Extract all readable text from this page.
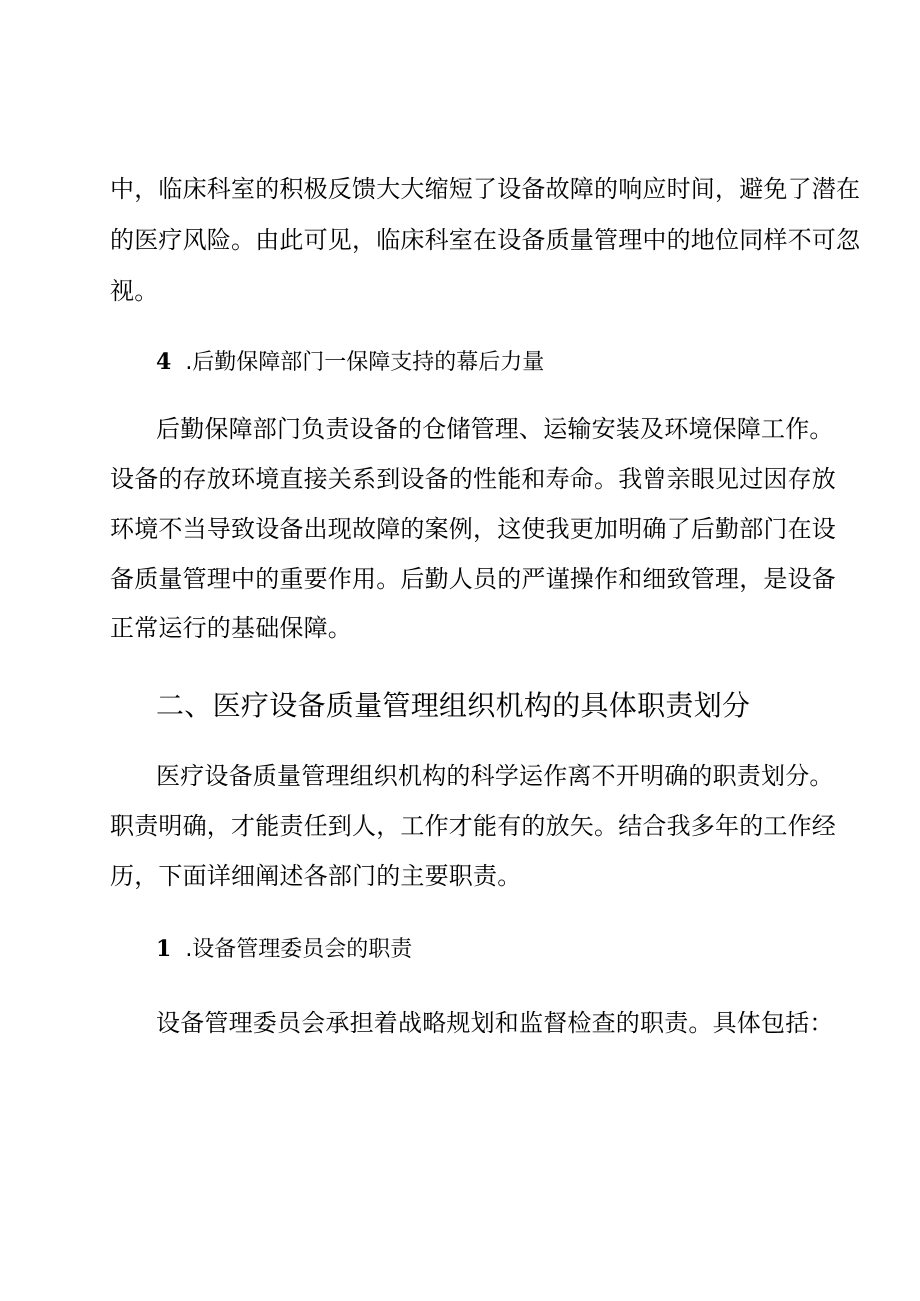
中，临床科室的积极反馈大大缩短了设备故障的响应时间，避免了潜在
的医疗风险。由此可见，临床科室在设备质量管理中的地位同样不可忽
视。
4 .后勤保障部门一保障支持的幕后力量
后勤保障部门负责设备的仓储管理、运输安装及环境保障工作。
设备的存放环境直接关系到设备的性能和寿命。我曾亲眼见过因存放
环境不当导致设备出现故障的案例，这使我更加明确了后勤部门在设
备质量管理中的重要作用。后勤人员的严谨操作和细致管理，是设备
正常运行的基础保障。
二、医疗设备质量管理组织机构的具体职责划分
医疗设备质量管理组织机构的科学运作离不开明确的职责划分。
职责明确，才能责任到人，工作才能有的放矢。结合我多年的工作经
历，下面详细阐述各部门的主要职责。
1 .设备管理委员会的职责
设备管理委员会承担着战略规划和监督检查的职责。具体包括：
